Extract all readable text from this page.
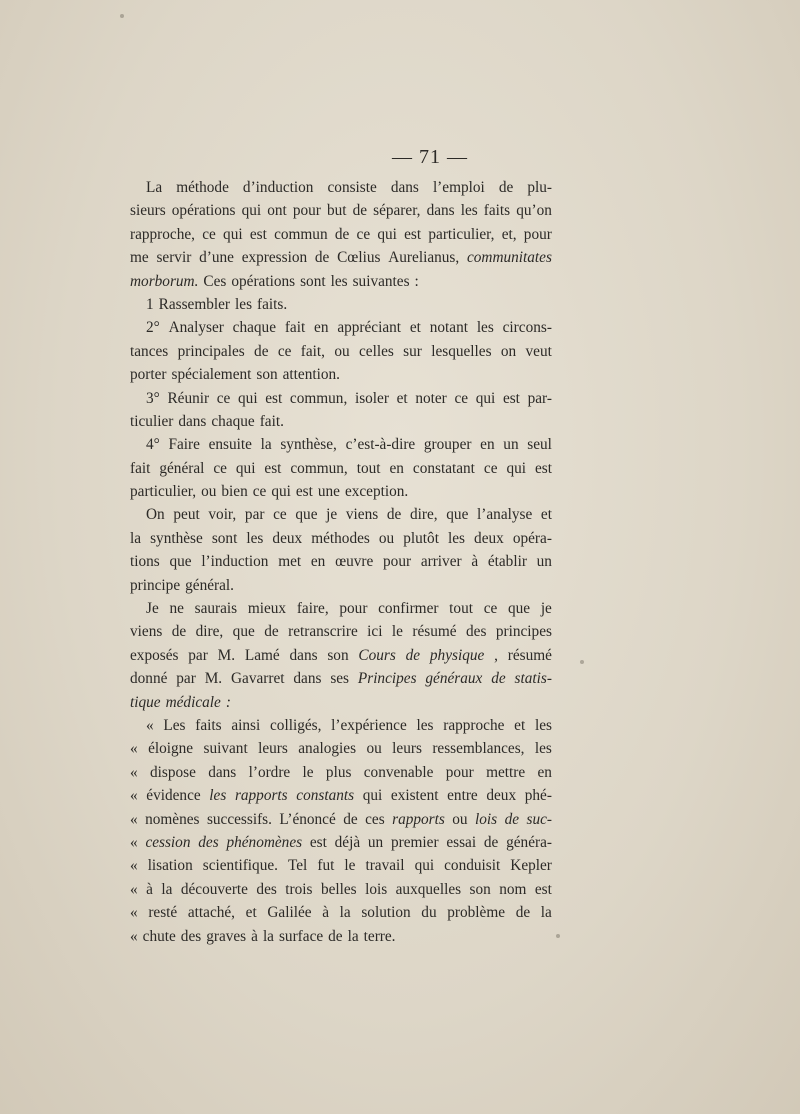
— 71 —
La méthode d’induction consiste dans l’emploi de plu-
sieurs opérations qui ont pour but de séparer, dans les faits qu’on
rapproche, ce qui est commun de ce qui est particulier, et, pour
me servir d’une expression de Cœlius Aurelianus, communitates
morborum. Ces opérations sont les suivantes :
1 Rassembler les faits.
2° Analyser chaque fait en appréciant et notant les circons-
tances principales de ce fait, ou celles sur lesquelles on veut
porter spécialement son attention.
3° Réunir ce qui est commun, isoler et noter ce qui est par-
ticulier dans chaque fait.
4° Faire ensuite la synthèse, c’est-à-dire grouper en un seul
fait général ce qui est commun, tout en constatant ce qui est
particulier, ou bien ce qui est une exception.
On peut voir, par ce que je viens de dire, que l’analyse et
la synthèse sont les deux méthodes ou plutôt les deux opéra-
tions que l’induction met en œuvre pour arriver à établir un
principe général.
Je ne saurais mieux faire, pour confirmer tout ce que je
viens de dire, que de retranscrire ici le résumé des principes
exposés par M. Lamé dans son Cours de physique , résumé
donné par M. Gavarret dans ses Principes généraux de statis-
tique médicale :
« Les faits ainsi colligés, l’expérience les rapproche et les
« éloigne suivant leurs analogies ou leurs ressemblances, les
« dispose dans l’ordre le plus convenable pour mettre en
« évidence les rapports constants qui existent entre deux phé-
« nomènes successifs. L’énoncé de ces rapports ou lois de suc-
« cession des phénomènes est déjà un premier essai de généra-
« lisation scientifique. Tel fut le travail qui conduisit Kepler
« à la découverte des trois belles lois auxquelles son nom est
« resté attaché, et Galilée à la solution du problème de la
« chute des graves à la surface de la terre.
